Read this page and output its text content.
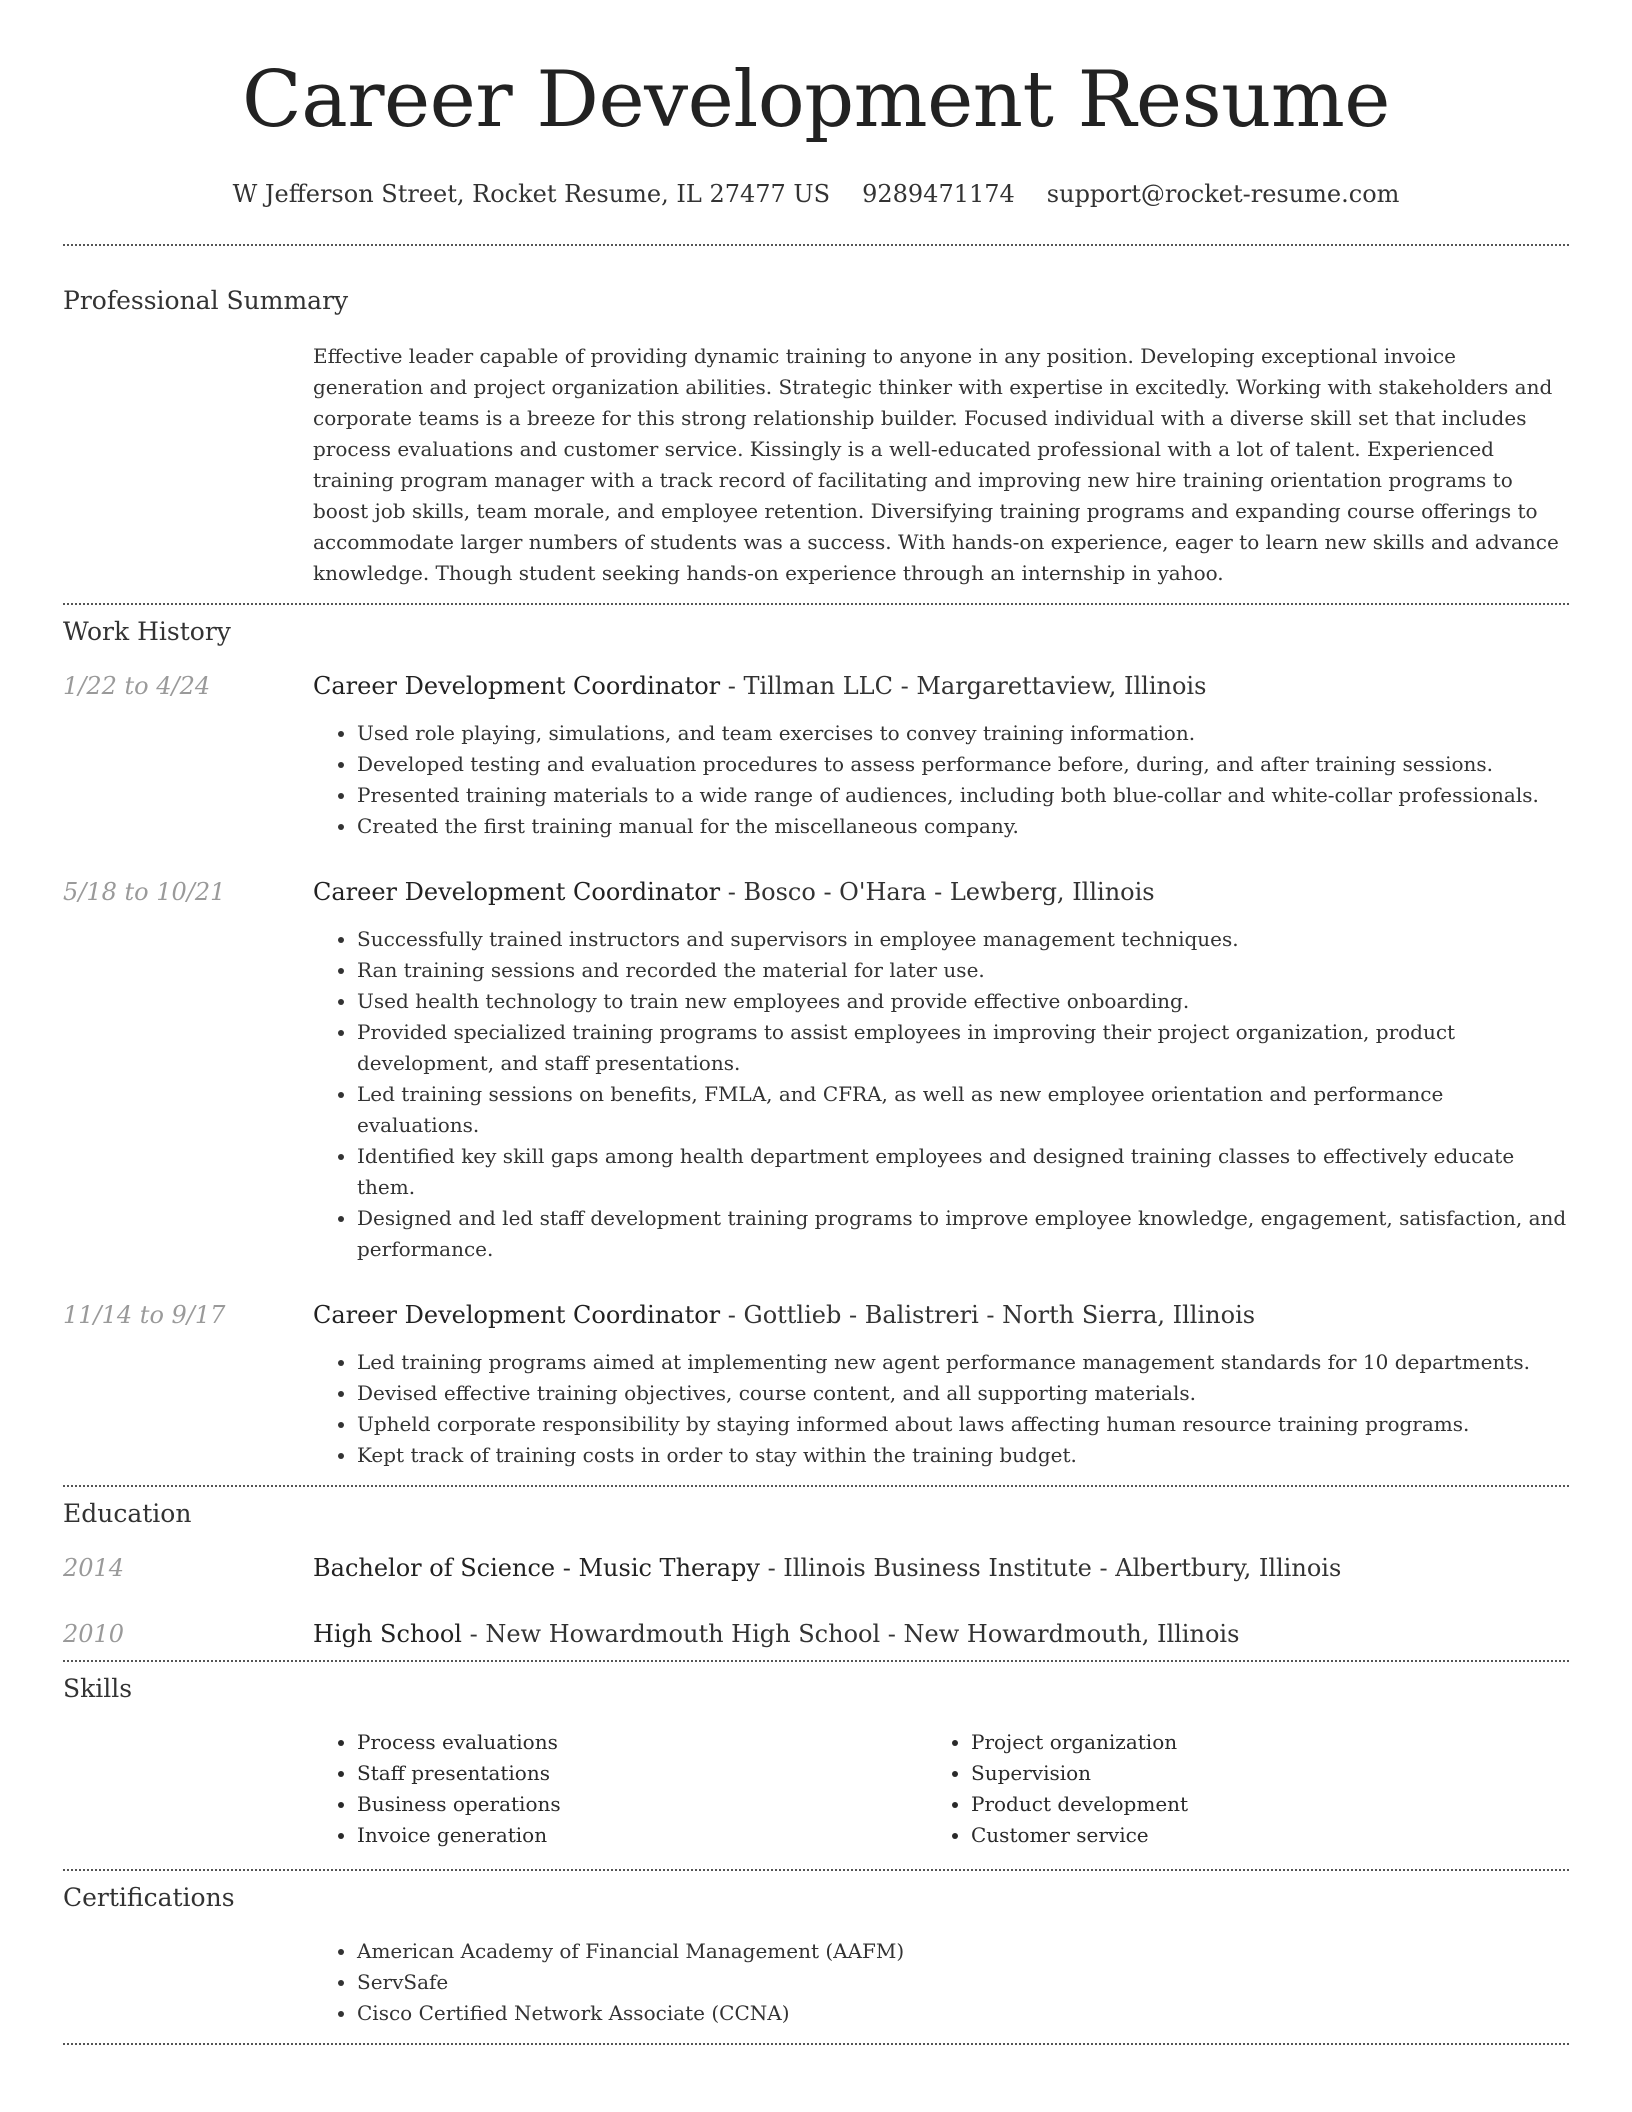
Career Development Resume
W Jefferson Street, Rocket Resume, IL 27477 US 9289471174 support@rocket-resume.com
Professional Summary

Effective leader capable of providing dynamic training to anyone in any position. Developing exceptional invoice generation and project organization abilities. Strategic thinker with expertise in excitedly. Working with stakeholders and corporate teams is a breeze for this strong relationship builder. Focused individual with a diverse skill set that includes process evaluations and customer service. Kissingly is a well-educated professional with a lot of talent. Experienced training program manager with a track record of facilitating and improving new hire training orientation programs to boost job skills, team morale, and employee retention. Diversifying training programs and expanding course offerings to accommodate larger numbers of students was a success. With hands-on experience, eager to learn new skills and advance knowledge. Though student seeking hands-on experience through an internship in yahoo.

Work History
1/22 to 4/24	Career Development Coordinator - Tillman LLC - Margarettaview, Illinois
• Used role playing, simulations, and team exercises to convey training information.
• Developed testing and evaluation procedures to assess performance before, during, and after training sessions.
• Presented training materials to a wide range of audiences, including both blue-collar and white-collar professionals.
• Created the first training manual for the miscellaneous company.
5/18 to 10/21	Career Development Coordinator - Bosco - O'Hara - Lewberg, Illinois
• Successfully trained instructors and supervisors in employee management techniques.
• Ran training sessions and recorded the material for later use.
• Used health technology to train new employees and provide effective onboarding.
• Provided specialized training programs to assist employees in improving their project organization, product development, and staff presentations.
• Led training sessions on benefits, FMLA, and CFRA, as well as new employee orientation and performance evaluations.
• Identified key skill gaps among health department employees and designed training classes to effectively educate them.
• Designed and led staff development training programs to improve employee knowledge, engagement, satisfaction, and performance.
11/14 to 9/17	Career Development Coordinator - Gottlieb - Balistreri - North Sierra, Illinois
• Led training programs aimed at implementing new agent performance management standards for 10 departments.
• Devised effective training objectives, course content, and all supporting materials.
• Upheld corporate responsibility by staying informed about laws affecting human resource training programs.
• Kept track of training costs in order to stay within the training budget.
Education
2014	Bachelor of Science - Music Therapy - Illinois Business Institute - Albertbury, Illinois
2010	High School - New Howardmouth High School - New Howardmouth, Illinois
Skills
• Process evaluations
• Staff presentations
• Business operations
• Invoice generation
• Project organization
• Supervision
• Product development
• Customer service
Certifications
• American Academy of Financial Management (AAFM)
• ServSafe
• Cisco Certified Network Associate (CCNA)
